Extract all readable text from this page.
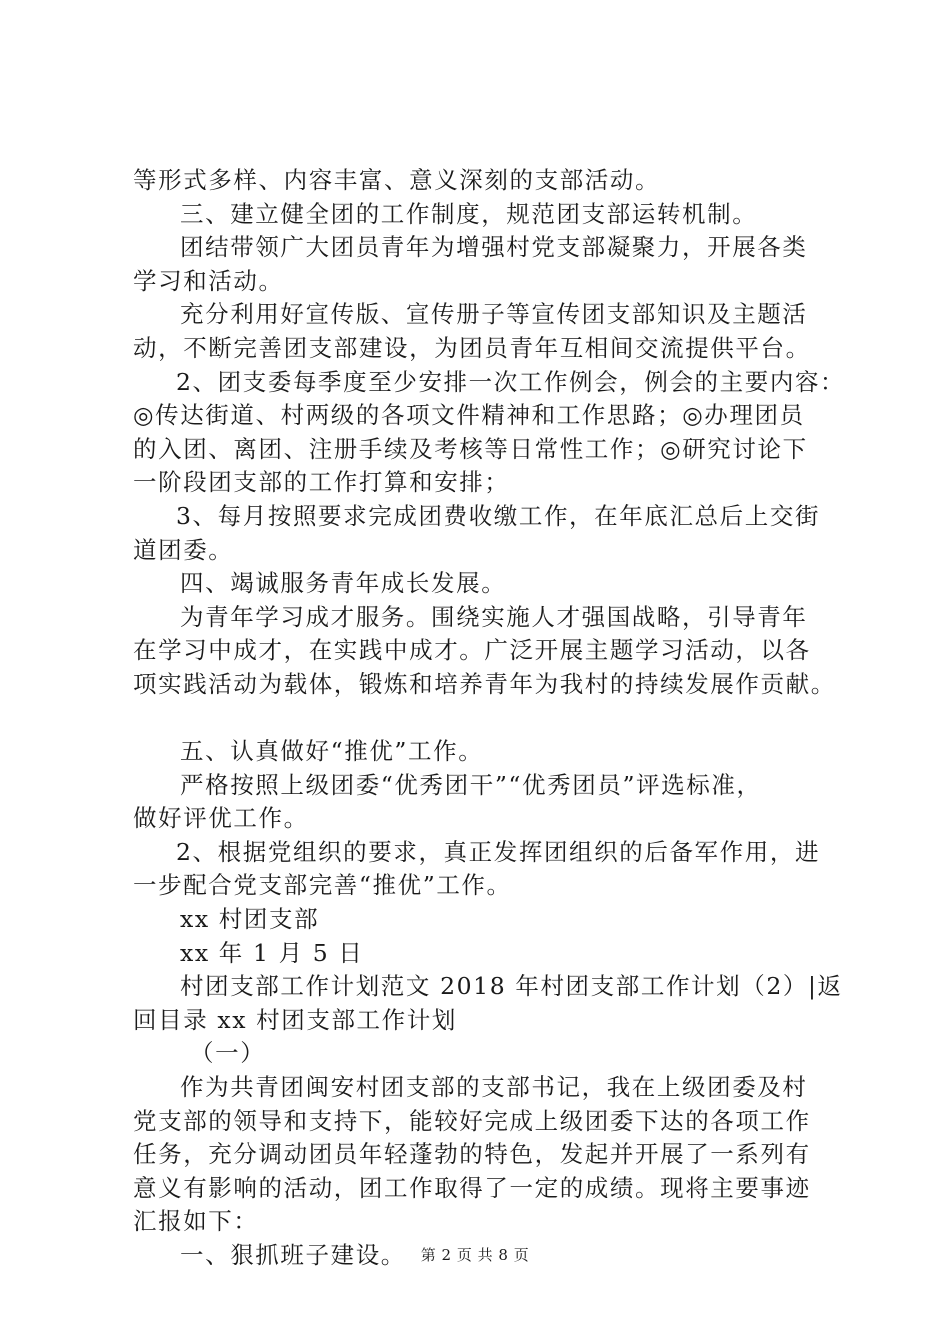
等形式多样、内容丰富、意义深刻的支部活动。
三、建立健全团的工作制度，规范团支部运转机制。
团结带领广大团员青年为增强村党支部凝聚力，开展各类
学习和活动。
充分利用好宣传版、宣传册子等宣传团支部知识及主题活
动，不断完善团支部建设，为团员青年互相间交流提供平台。
2、团支委每季度至少安排一次工作例会，例会的主要内容：
◎传达街道、村两级的各项文件精神和工作思路；◎办理团员
的入团、离团、注册手续及考核等日常性工作；◎研究讨论下
一阶段团支部的工作打算和安排；
3、每月按照要求完成团费收缴工作，在年底汇总后上交街
道团委。
四、竭诚服务青年成长发展。
为青年学习成才服务。围绕实施人才强国战略，引导青年
在学习中成才，在实践中成才。广泛开展主题学习活动，以各
项实践活动为载体，锻炼和培养青年为我村的持续发展作贡献。
五、认真做好“推优”工作。
严格按照上级团委“优秀团干”“优秀团员”评选标准，
做好评优工作。
2、根据党组织的要求，真正发挥团组织的后备军作用，进
一步配合党支部完善“推优”工作。
xx 村团支部
xx 年 1 月 5 日
村团支部工作计划范文 2018 年村团支部工作计划（2）|返
回目录 xx 村团支部工作计划
（一）
作为共青团闽安村团支部的支部书记，我在上级团委及村
党支部的领导和支持下，能较好完成上级团委下达的各项工作
任务，充分调动团员年轻蓬勃的特色，发起并开展了一系列有
意义有影响的活动，团工作取得了一定的成绩。现将主要事迹
汇报如下：
一、狠抓班子建设。 第 2 页 共 8 页
